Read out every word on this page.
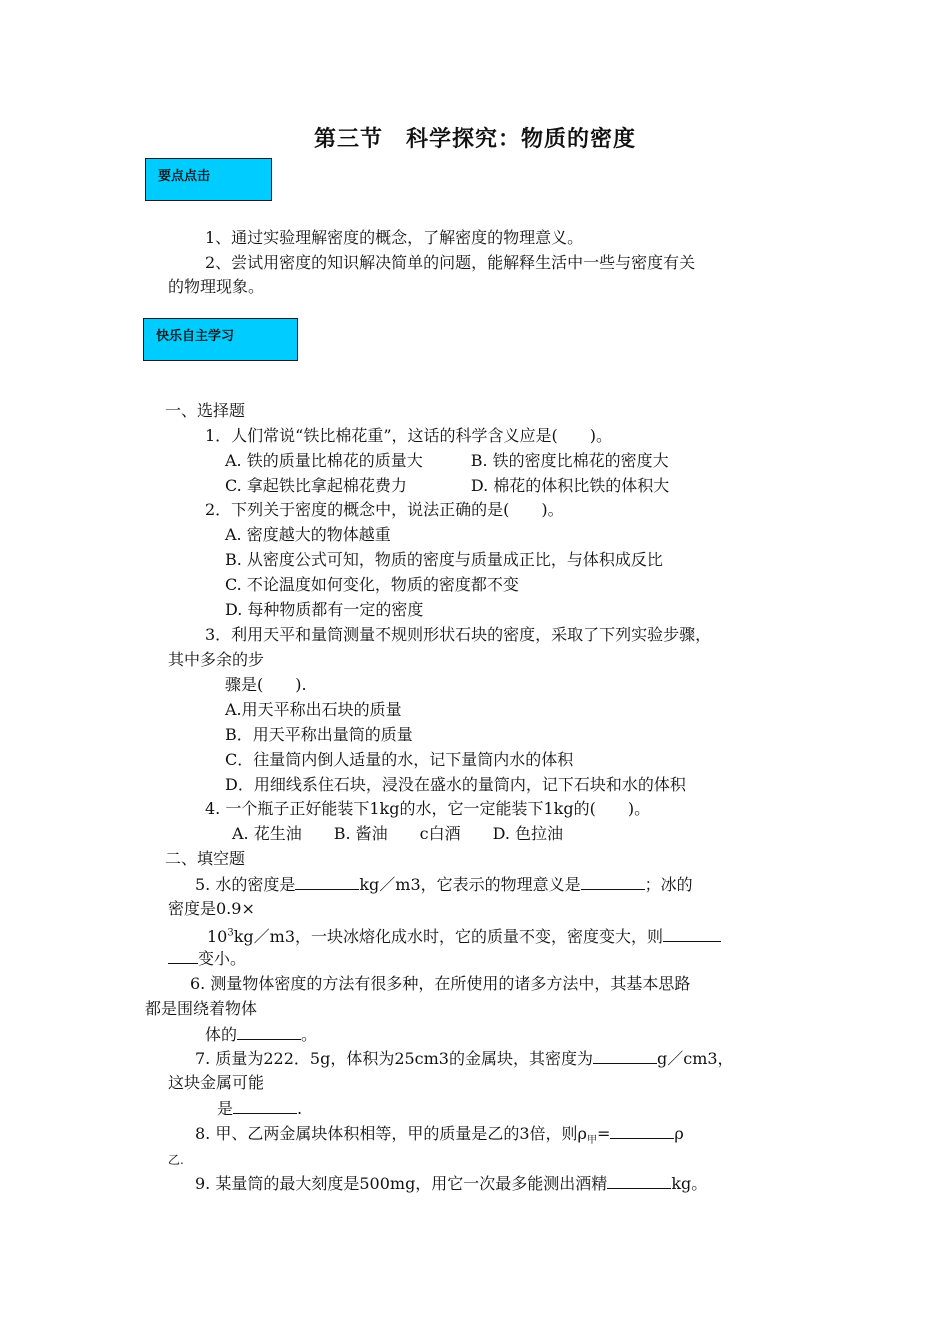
第三节　科学探究：物质的密度
要点点击
1、通过实验理解密度的概念，了解密度的物理意义。
2、尝试用密度的知识解决简单的问题，能解释生活中一些与密度有关
的物理现象。
快乐自主学习
一、选择题
1．人们常说“铁比棉花重”，这话的科学含义应是(　　)。
A. 铁的质量比棉花的质量大　　　B. 铁的密度比棉花的密度大
C. 拿起铁比拿起棉花费力　　　　D. 棉花的体积比铁的体积大
2．下列关于密度的概念中，说法正确的是(　　)。
A. 密度越大的物体越重
B. 从密度公式可知，物质的密度与质量成正比，与体积成反比
C. 不论温度如何变化，物质的密度都不变
D. 每种物质都有一定的密度
3．利用天平和量筒测量不规则形状石块的密度，采取了下列实验步骤，
其中多余的步
骤是(　　).
A.用天平称出石块的质量
B．用天平称出量筒的质量
C．往量筒内倒人适量的水，记下量筒内水的体积
D．用细线系住石块，浸没在盛水的量筒内，记下石块和水的体积
4. 一个瓶子正好能装下1kg的水，它一定能装下1kg的(　　)。
A. 花生油　　B. 酱油　　c白酒　　D. 色拉油
二、填空题
5. 水的密度是	kg／m3，它表示的物理意义是	；冰的
密度是0.9×
$10^3kg/m3$，一块冰熔化成水时，它的质量不变，密度变大，则
变小。
6. 测量物体密度的方法有很多种，在所使用的诸多方法中，其基本思路
都是围绕着物体
体的	。
7. 质量为222．5g，体积为25cm3的金属块，其密度为	g／cm3，
这块金属可能
是	.
8. 甲、乙两金属块体积相等，甲的质量是乙的3倍，则$\rho_甲=$	ρ
乙.
9. 某量筒的最大刻度是500mg，用它一次最多能测出酒精	kg。
